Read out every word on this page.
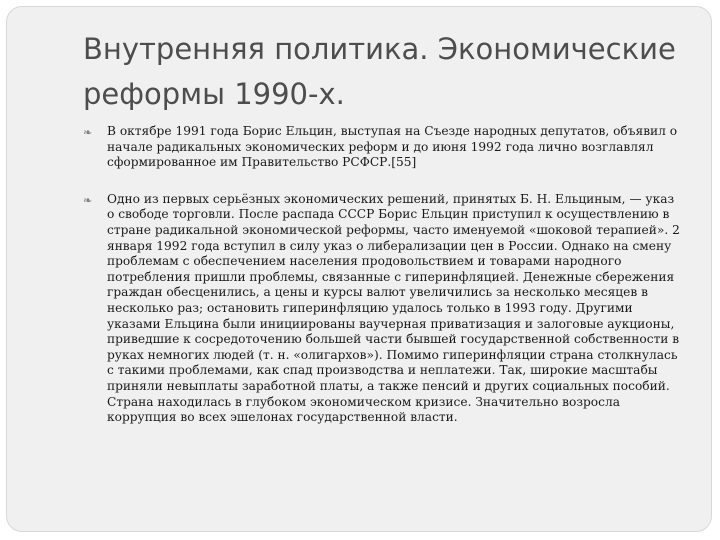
Внутренняя политика. Экономические реформы 1990-х.
❧ В октябре 1991 года Борис Ельцин, выступая на Съезде народных депутатов, объявил о начале радикальных экономических реформ и до июня 1992 года лично возглавлял сформированное им Правительство РСФСР.[55]
❧ Одно из первых серьёзных экономических решений, принятых Б. Н. Ельциным, — указ о свободе торговли. После распада СССР Борис Ельцин приступил к осуществлению в стране радикальной экономической реформы, часто именуемой «шоковой терапией». 2 января 1992 года вступил в силу указ о либерализации цен в России. Однако на смену проблемам с обеспечением населения продовольствием и товарами народного потребления пришли проблемы, связанные с гиперинфляцией. Денежные сбережения граждан обесценились, а цены и курсы валют увеличились за несколько месяцев в несколько раз; остановить гиперинфляцию удалось только в 1993 году. Другими указами Ельцина были инициированы ваучерная приватизация и залоговые аукционы, приведшие к сосредоточению большей части бывшей государственной собственности в руках немногих людей (т. н. «олигархов»). Помимо гиперинфляции страна столкнулась с такими проблемами, как спад производства и неплатежи. Так, широкие масштабы приняли невыплаты заработной платы, а также пенсий и других социальных пособий. Страна находилась в глубоком экономическом кризисе. Значительно возросла коррупция во всех эшелонах государственной власти.
